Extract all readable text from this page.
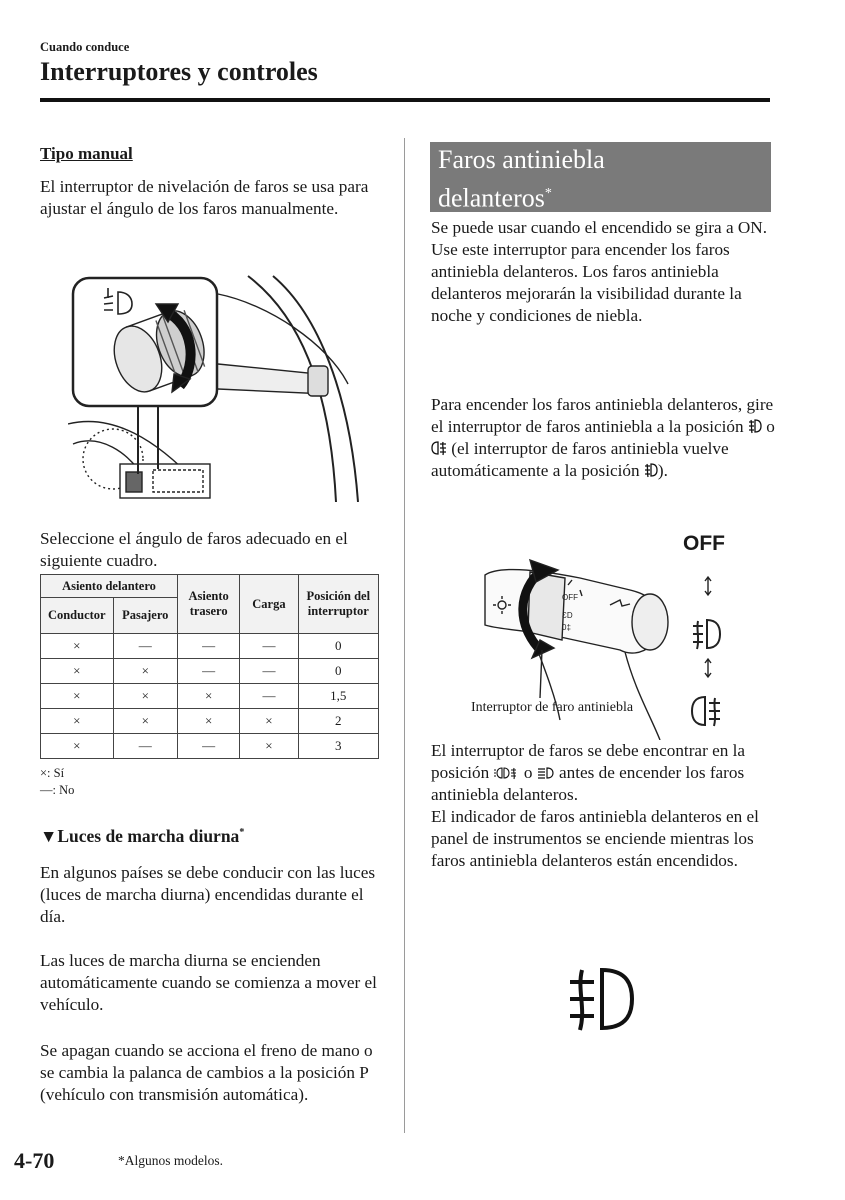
Cuando conduce
Interruptores y controles
Tipo manual
El interruptor de nivelación de faros se usa para ajustar el ángulo de los faros manualmente.
Seleccione el ángulo de faros adecuado en el siguiente cuadro.
Asiento delantero		Asiento trasero	Carga	Posición del interruptor
Conductor	Pasajero			
×	—	—	—	0
×	×	—	—	0
×	×	×	—	1,5
×	×	×	×	2
×	—	—	×	3
×: Sí
—: No
▼Luces de marcha diurna*
En algunos países se debe conducir con las luces (luces de marcha diurna) encendidas durante el día.
Las luces de marcha diurna se encienden automáticamente cuando se comienza a mover el vehículo.
Se apagan cuando se acciona el freno de mano o se cambia la palanca de cambios a la posición P (vehículo con transmisión automática).
Faros antiniebla
delanteros*
Se puede usar cuando el encendido se gira a ON.
Use este interruptor para encender los faros antiniebla delanteros. Los faros antiniebla delanteros mejorarán la visibilidad durante la noche y condiciones de niebla.
Para encender los faros antiniebla delanteros, gire el interruptor de faros antiniebla a la posición o  (el interruptor de faros antiniebla vuelve automáticamente a la posición ).
OFF
ƐD
0‡
OFF
Interruptor de faro antiniebla
El interruptor de faros se debe encontrar en la posición o antes de encender los faros antiniebla delanteros.
El indicador de faros antiniebla delanteros en el panel de instrumentos se enciende mientras los faros antiniebla delanteros están encendidos.
4-70	*Algunos modelos.
